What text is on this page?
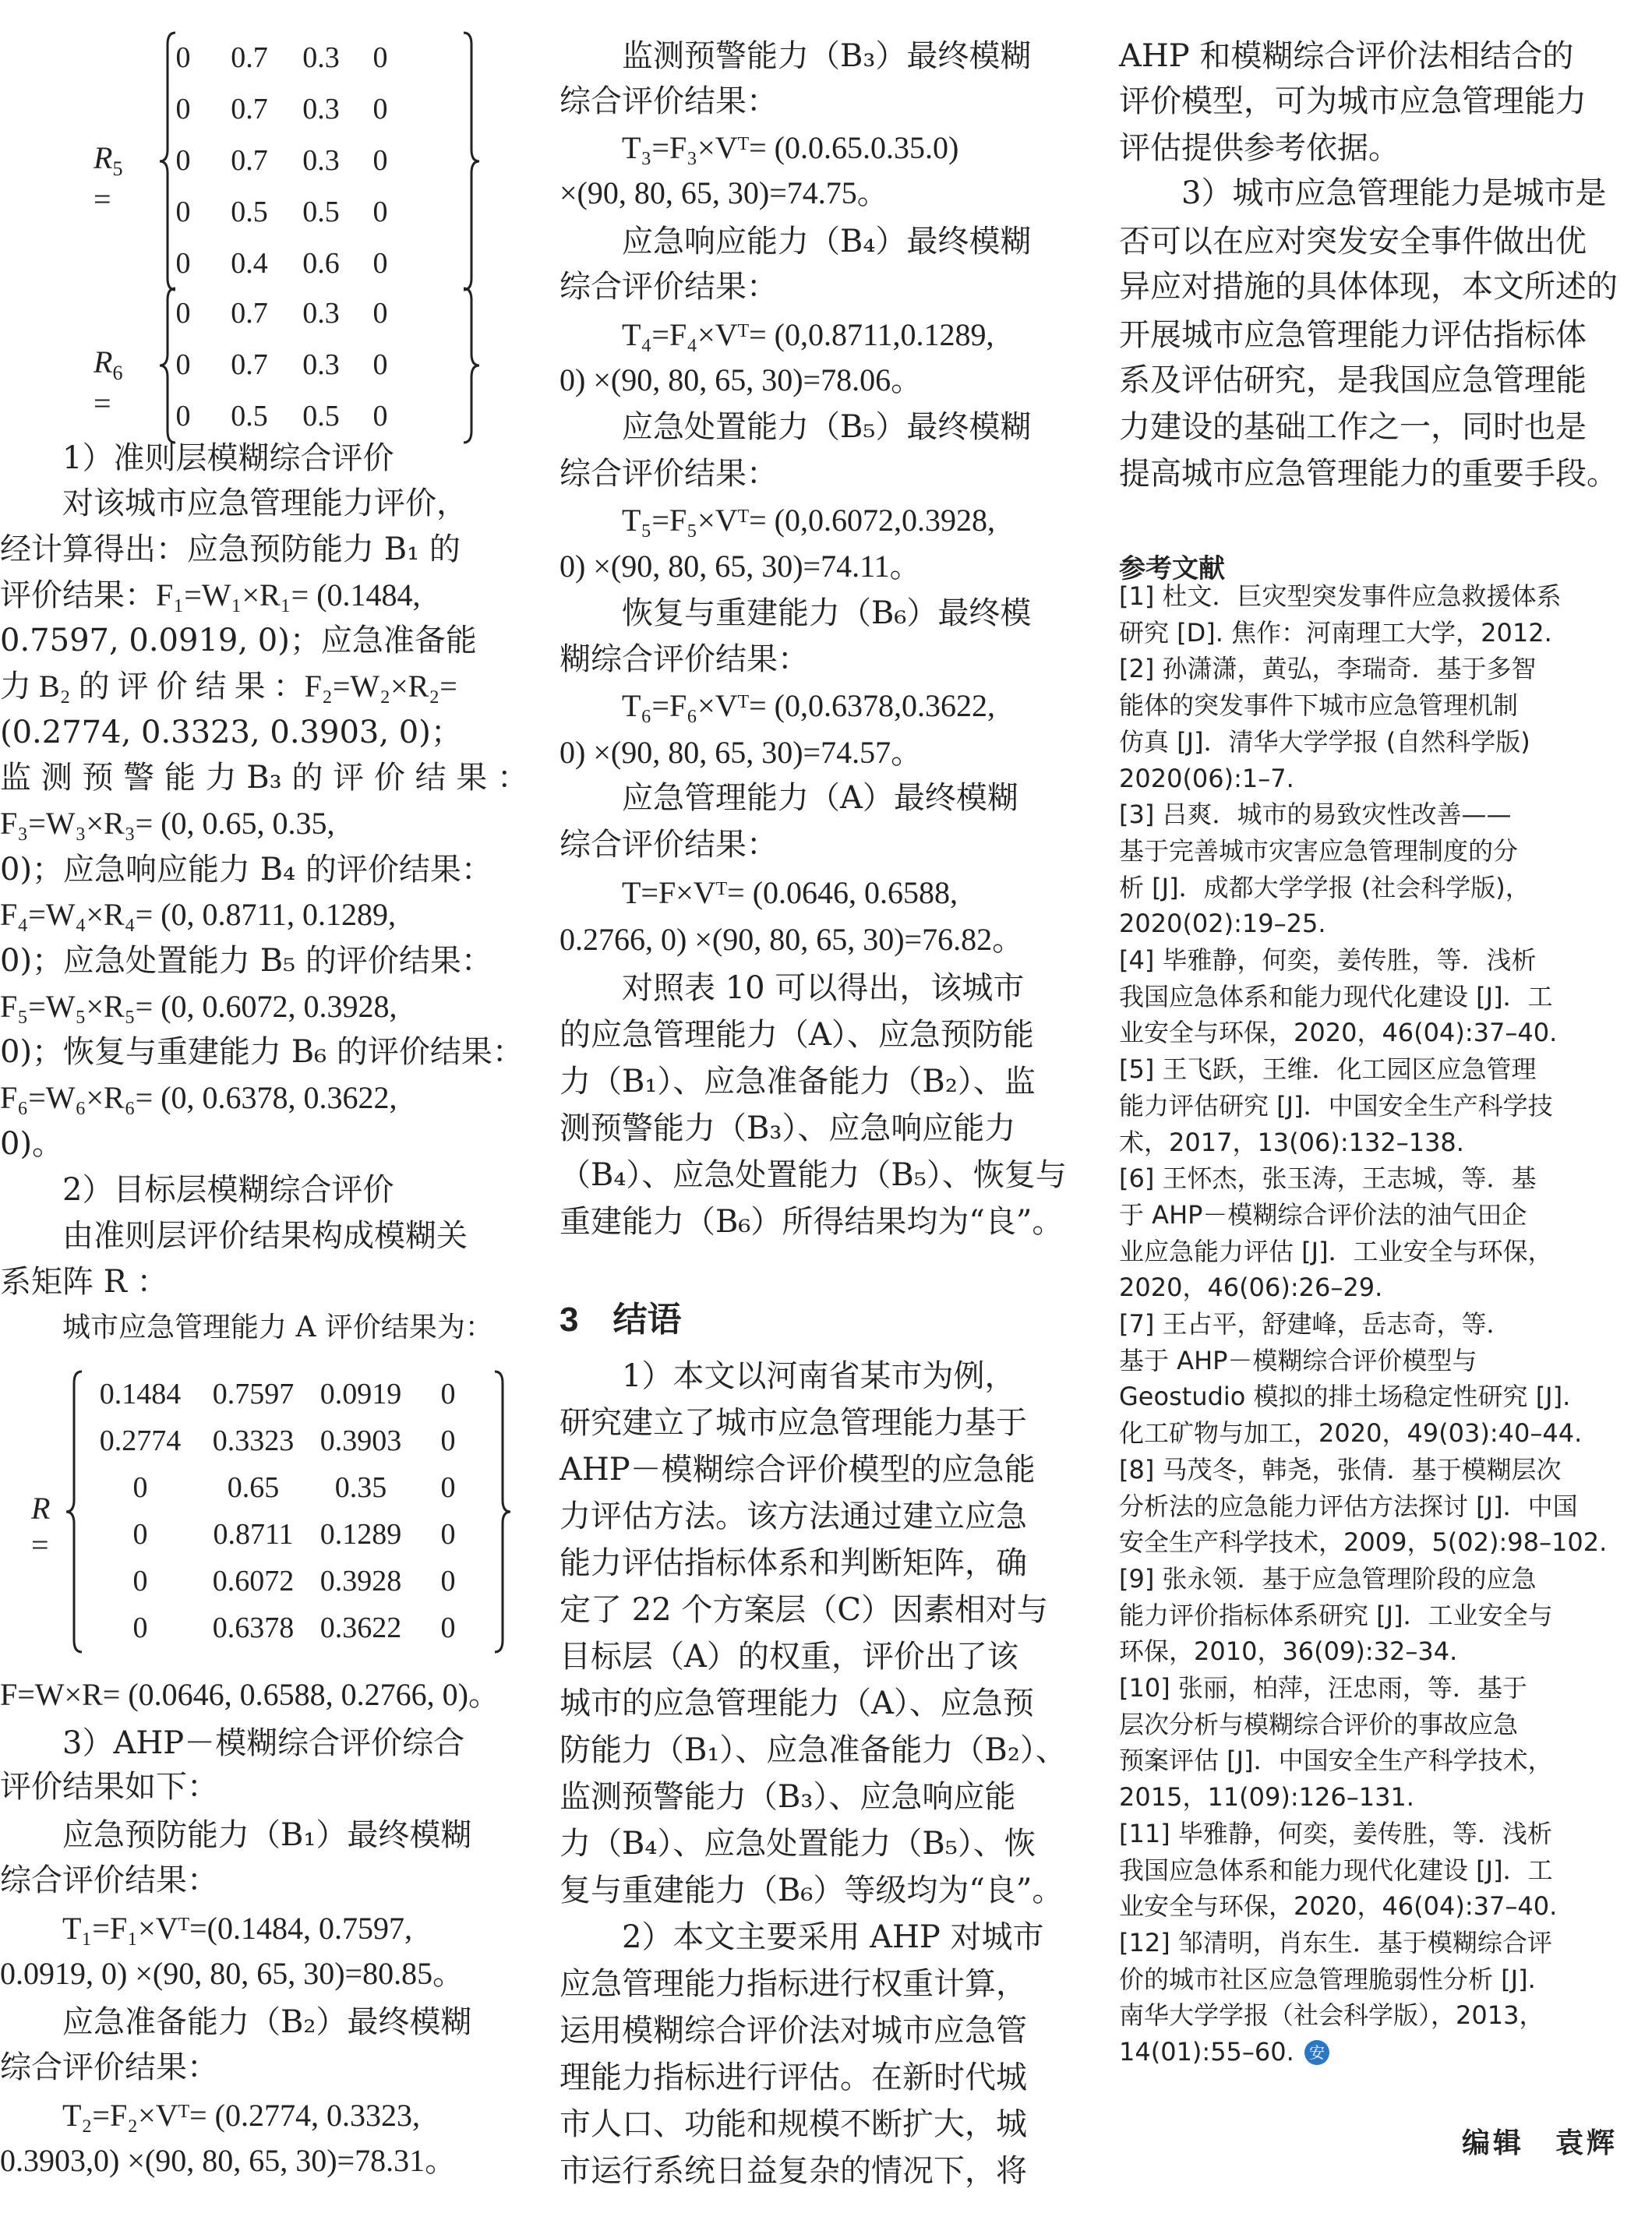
$R_5$ =
0	0.7	0.3	0
0	0.7	0.3	0
0	0.7	0.3	0
0	0.5	0.5	0
0	0.4	0.6	0
$R_6$ =
0	0.7	0.3	0
0	0.7	0.3	0
0	0.5	0.5	0
R =
0.1484	0.7597 0.0919	0
0.2774	0.3323 0.3903	0
0	0.65	0.35	0
0	0.8711 0.1289	0
0	0.6072 0.3928	0
0	0.6378 0.3622	0
1）准则层模糊综合评价
对该城市应急管理能力评价，
经计算得出：应急预防能力 B₁ 的
评价结果：F₁=W₁×R₁= (0.1484,
0.7597, 0.0919, 0)；应急准备能
力 B₂ 的 评 价 结 果 ：F₂=W₂×R₂=
(0.2774, 0.3323, 0.3903, 0)；
监 测 预 警 能 力 B₃ 的 评 价 结 果 ：
F₃=W₃×R₃= (0, 0.65, 0.35,
0)；应急响应能力 B₄ 的评价结果：
F₄=W₄×R₄= (0, 0.8711, 0.1289,
0)；应急处置能力 B₅ 的评价结果：
F₅=W₅×R₅= (0, 0.6072, 0.3928,
0)；恢复与重建能力 B₆ 的评价结果：
F₆=W₆×R₆= (0, 0.6378, 0.3622,
0)。
2）目标层模糊综合评价
由准则层评价结果构成模糊关
系矩阵 R ：
城市应急管理能力 A 评价结果为：
F=W×R= (0.0646, 0.6588, 0.2766, 0)。
3）AHP－模糊综合评价综合
评价结果如下：
应急预防能力（B₁）最终模糊
综合评价结果：
T₁=F₁×Vᵀ=(0.1484, 0.7597,
0.0919, 0) ×(90, 80, 65, 30)=80.85。
应急准备能力（B₂）最终模糊
综合评价结果：
T₂=F₂×Vᵀ= (0.2774, 0.3323,
0.3903,0) ×(90, 80, 65, 30)=78.31。
监测预警能力（B₃）最终模糊
综合评价结果：
T₃=F₃×Vᵀ= (0.0.65.0.35.0)
×(90, 80, 65, 30)=74.75。
应急响应能力（B₄）最终模糊
综合评价结果：
T₄=F₄×Vᵀ= (0,0.8711,0.1289,
0) ×(90, 80, 65, 30)=78.06。
应急处置能力（B₅）最终模糊
综合评价结果：
T₅=F₅×Vᵀ= (0,0.6072,0.3928,
0) ×(90, 80, 65, 30)=74.11。
恢复与重建能力（B₆）最终模
糊综合评价结果：
T₆=F₆×Vᵀ= (0,0.6378,0.3622,
0) ×(90, 80, 65, 30)=74.57。
应急管理能力（A）最终模糊
综合评价结果：
T=F×Vᵀ= (0.0646, 0.6588,
0.2766, 0) ×(90, 80, 65, 30)=76.82。
对照表 10 可以得出，该城市
的应急管理能力（A）、应急预防能
力（B₁）、应急准备能力（B₂）、监
测预警能力（B₃）、应急响应能力
（B₄）、应急处置能力（B₅）、恢复与
重建能力（B₆）所得结果均为“良”。
3　结语
1）本文以河南省某市为例，
研究建立了城市应急管理能力基于
AHP－模糊综合评价模型的应急能
力评估方法。该方法通过建立应急
能力评估指标体系和判断矩阵，确
定了 22 个方案层（C）因素相对与
目标层（A）的权重，评价出了该
城市的应急管理能力（A）、应急预
防能力（B₁）、应急准备能力（B₂）、
监测预警能力（B₃）、应急响应能
力（B₄）、应急处置能力（B₅）、恢
复与重建能力（B₆）等级均为“良”。
2）本文主要采用 AHP 对城市
应急管理能力指标进行权重计算，
运用模糊综合评价法对城市应急管
理能力指标进行评估。在新时代城
市人口、功能和规模不断扩大，城
市运行系统日益复杂的情况下，将
AHP 和模糊综合评价法相结合的
评价模型，可为城市应急管理能力
评估提供参考依据。
3）城市应急管理能力是城市是
否可以在应对突发安全事件做出优
异应对措施的具体体现，本文所述的
开展城市应急管理能力评估指标体
系及评估研究，是我国应急管理能
力建设的基础工作之一，同时也是
提高城市应急管理能力的重要手段。
参考文献
[1] 杜文．巨灾型突发事件应急救援体系
研究 [D]. 焦作：河南理工大学，2012.
[2] 孙潇潇，黄弘，李瑞奇．基于多智
能体的突发事件下城市应急管理机制
仿真 [J]．清华大学学报 (自然科学版)
2020(06):1–7.
[3] 吕爽．城市的易致灾性改善——
基于完善城市灾害应急管理制度的分
析 [J]．成都大学学报 (社会科学版)，
2020(02):19–25.
[4] 毕雅静，何奕，姜传胜，等．浅析
我国应急体系和能力现代化建设 [J]．工
业安全与环保，2020，46(04):37–40.
[5] 王飞跃，王维．化工园区应急管理
能力评估研究 [J]．中国安全生产科学技
术，2017，13(06):132–138.
[6] 王怀杰，张玉涛，王志城，等．基
于 AHP－模糊综合评价法的油气田企
业应急能力评估 [J]．工业安全与环保，
2020，46(06):26–29.
[7] 王占平，舒建峰，岳志奇，等．
基于 AHP－模糊综合评价模型与
Geostudio 模拟的排土场稳定性研究 [J].
化工矿物与加工，2020，49(03):40–44.
[8] 马茂冬，韩尧，张倩．基于模糊层次
分析法的应急能力评估方法探讨 [J]．中国
安全生产科学技术，2009，5(02):98–102.
[9] 张永领．基于应急管理阶段的应急
能力评价指标体系研究 [J]．工业安全与
环保，2010，36(09):32–34.
[10] 张丽，柏萍，汪忠雨，等．基于
层次分析与模糊综合评价的事故应急
预案评估 [J]．中国安全生产科学技术，
2015，11(09):126–131.
[11] 毕雅静，何奕，姜传胜，等．浅析
我国应急体系和能力现代化建设 [J]．工
业安全与环保，2020，46(04):37–40.
[12] 邹清明，肖东生．基于模糊综合评
价的城市社区应急管理脆弱性分析 [J].
南华大学学报（社会科学版），2013，
14(01):55–60. 安
编辑　袁辉
